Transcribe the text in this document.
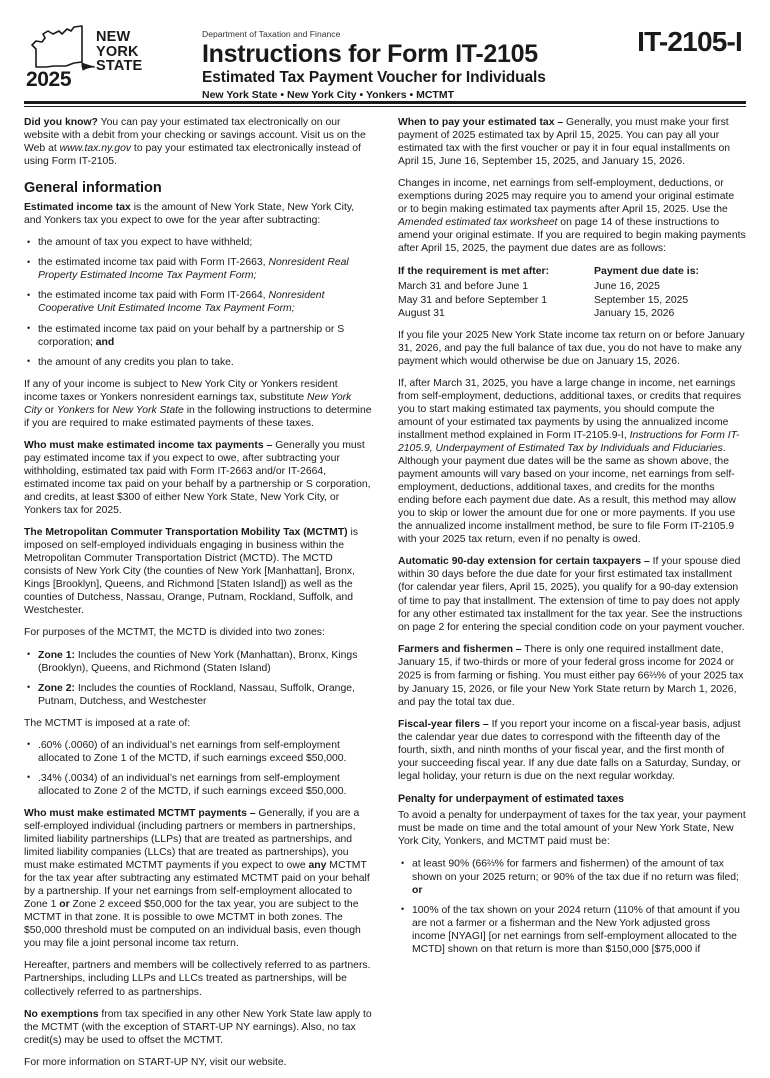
NEW
YORK
STATE
2025
Department of Taxation and Finance
Instructions for Form IT-2105
Estimated Tax Payment Voucher for Individuals
New York State • New York City • Yonkers • MCTMT
IT-2105-I

Did you know? You can pay your estimated tax electronically on our website with a debit from your checking or savings account. Visit us on the Web at www.tax.ny.gov to pay your estimated tax electronically instead of using Form IT-2105.

General information

Estimated income tax is the amount of New York State, New York City, and Yonkers tax you expect to owe for the year after subtracting:

• the amount of tax you expect to have withheld;
• the estimated income tax paid with Form IT-2663, Nonresident Real Property Estimated Income Tax Payment Form;
• the estimated income tax paid with Form IT-2664, Nonresident Cooperative Unit Estimated Income Tax Payment Form;
• the estimated income tax paid on your behalf by a partnership or S corporation; and
• the amount of any credits you plan to take.

If any of your income is subject to New York City or Yonkers resident income taxes or Yonkers nonresident earnings tax, substitute New York City or Yonkers for New York State in the following instructions to determine if you are required to make estimated payments of these taxes.

Who must make estimated income tax payments – Generally you must pay estimated income tax if you expect to owe, after subtracting your withholding, estimated tax paid with Form IT-2663 and/or IT-2664, estimated income tax paid on your behalf by a partnership or S corporation, and credits, at least $300 of either New York State, New York City, or Yonkers tax for 2025.

The Metropolitan Commuter Transportation Mobility Tax (MCTMT) is imposed on self-employed individuals engaging in business within the Metropolitan Commuter Transportation District (MCTD). The MCTD consists of New York City (the counties of New York [Manhattan], Bronx, Kings [Brooklyn], Queens, and Richmond [Staten Island]) as well as the counties of Dutchess, Nassau, Orange, Putnam, Rockland, Suffolk, and Westchester.

For purposes of the MCTMT, the MCTD is divided into two zones:

• Zone 1: Includes the counties of New York (Manhattan), Bronx, Kings (Brooklyn), Queens, and Richmond (Staten Island)
• Zone 2: Includes the counties of Rockland, Nassau, Suffolk, Orange, Putnam, Dutchess, and Westchester

The MCTMT is imposed at a rate of:

• .60% (.0060) of an individual’s net earnings from self-employment allocated to Zone 1 of the MCTD, if such earnings exceed $50,000.
• .34% (.0034) of an individual’s net earnings from self-employment allocated to Zone 2 of the MCTD, if such earnings exceed $50,000.

Who must make estimated MCTMT payments – Generally, if you are a self-employed individual (including partners or members in partnerships, limited liability partnerships (LLPs) that are treated as partnerships, and limited liability companies (LLCs) that are treated as partnerships), you must make estimated MCTMT payments if you expect to owe any MCTMT for the tax year after subtracting any estimated MCTMT paid on your behalf by a partnership. If your net earnings from self-employment allocated to Zone 1 or Zone 2 exceed $50,000 for the tax year, you are subject to the MCTMT in that zone. It is possible to owe MCTMT in both zones. The $50,000 threshold must be computed on an individual basis, even though you may file a joint personal income tax return.

Hereafter, partners and members will be collectively referred to as partners. Partnerships, including LLPs and LLCs treated as partnerships, will be collectively referred to as partnerships.

No exemptions from tax specified in any other New York State law apply to the MCTMT (with the exception of START-UP NY earnings). Also, no tax credit(s) may be used to offset the MCTMT.

For more information on START-UP NY, visit our website.

When to pay your estimated tax – Generally, you must make your first payment of 2025 estimated tax by April 15, 2025. You can pay all your estimated tax with the first voucher or pay it in four equal installments on April 15, June 16, September 15, 2025, and January 15, 2026.

Changes in income, net earnings from self-employment, deductions, or exemptions during 2025 may require you to amend your original estimate or to begin making estimated tax payments after April 15, 2025. Use the Amended estimated tax worksheet on page 14 of these instructions to amend your original estimate. If you are required to begin making payments after April 15, 2025, the payment due dates are as follows:

If the requirement is met after:	Payment due date is:
March 31 and before June 1	June 16, 2025
May 31 and before September 1	September 15, 2025
August 31	January 15, 2026

If you file your 2025 New York State income tax return on or before January 31, 2026, and pay the full balance of tax due, you do not have to make any payment which would otherwise be due on January 15, 2026.

If, after March 31, 2025, you have a large change in income, net earnings from self-employment, deductions, additional taxes, or credits that requires you to start making estimated tax payments, you should compute the amount of your estimated tax payments by using the annualized income installment method explained in Form IT-2105.9-I, Instructions for Form IT-2105.9, Underpayment of Estimated Tax by Individuals and Fiduciaries. Although your payment due dates will be the same as shown above, the payment amounts will vary based on your income, net earnings from self-employment, deductions, additional taxes, and credits for the months ending before each payment due date. As a result, this method may allow you to skip or lower the amount due for one or more payments. If you use the annualized income installment method, be sure to file Form IT-2105.9 with your 2025 tax return, even if no penalty is owed.

Automatic 90-day extension for certain taxpayers – If your spouse died within 30 days before the due date for your first estimated tax installment (for calendar year filers, April 15, 2025), you qualify for a 90-day extension of time to pay that installment. The extension of time to pay does not apply for any other estimated tax installment for the tax year. See the instructions on page 2 for entering the special condition code on your payment voucher.

Farmers and fishermen – There is only one required installment date, January 15, if two-thirds or more of your federal gross income for 2024 or 2025 is from farming or fishing. You must either pay 66⅔% of your 2025 tax by January 15, 2026, or file your New York State return by March 1, 2026, and pay the total tax due.

Fiscal-year filers – If you report your income on a fiscal-year basis, adjust the calendar year due dates to correspond with the fifteenth day of the fourth, sixth, and ninth months of your fiscal year, and the first month of your succeeding fiscal year. If any due date falls on a Saturday, Sunday, or legal holiday, your return is due on the next regular workday.

Penalty for underpayment of estimated taxes

To avoid a penalty for underpayment of taxes for the tax year, your payment must be made on time and the total amount of your New York State, New York City, Yonkers, and MCTMT paid must be:

• at least 90% (66⅔% for farmers and fishermen) of the amount of tax shown on your 2025 return; or 90% of the tax due if no return was filed; or
• 100% of the tax shown on your 2024 return (110% of that amount if you are not a farmer or a fisherman and the New York adjusted gross income [NYAGI] [or net earnings from self-employment allocated to the MCTD] shown on that return is more than $150,000 [$75,000 if
